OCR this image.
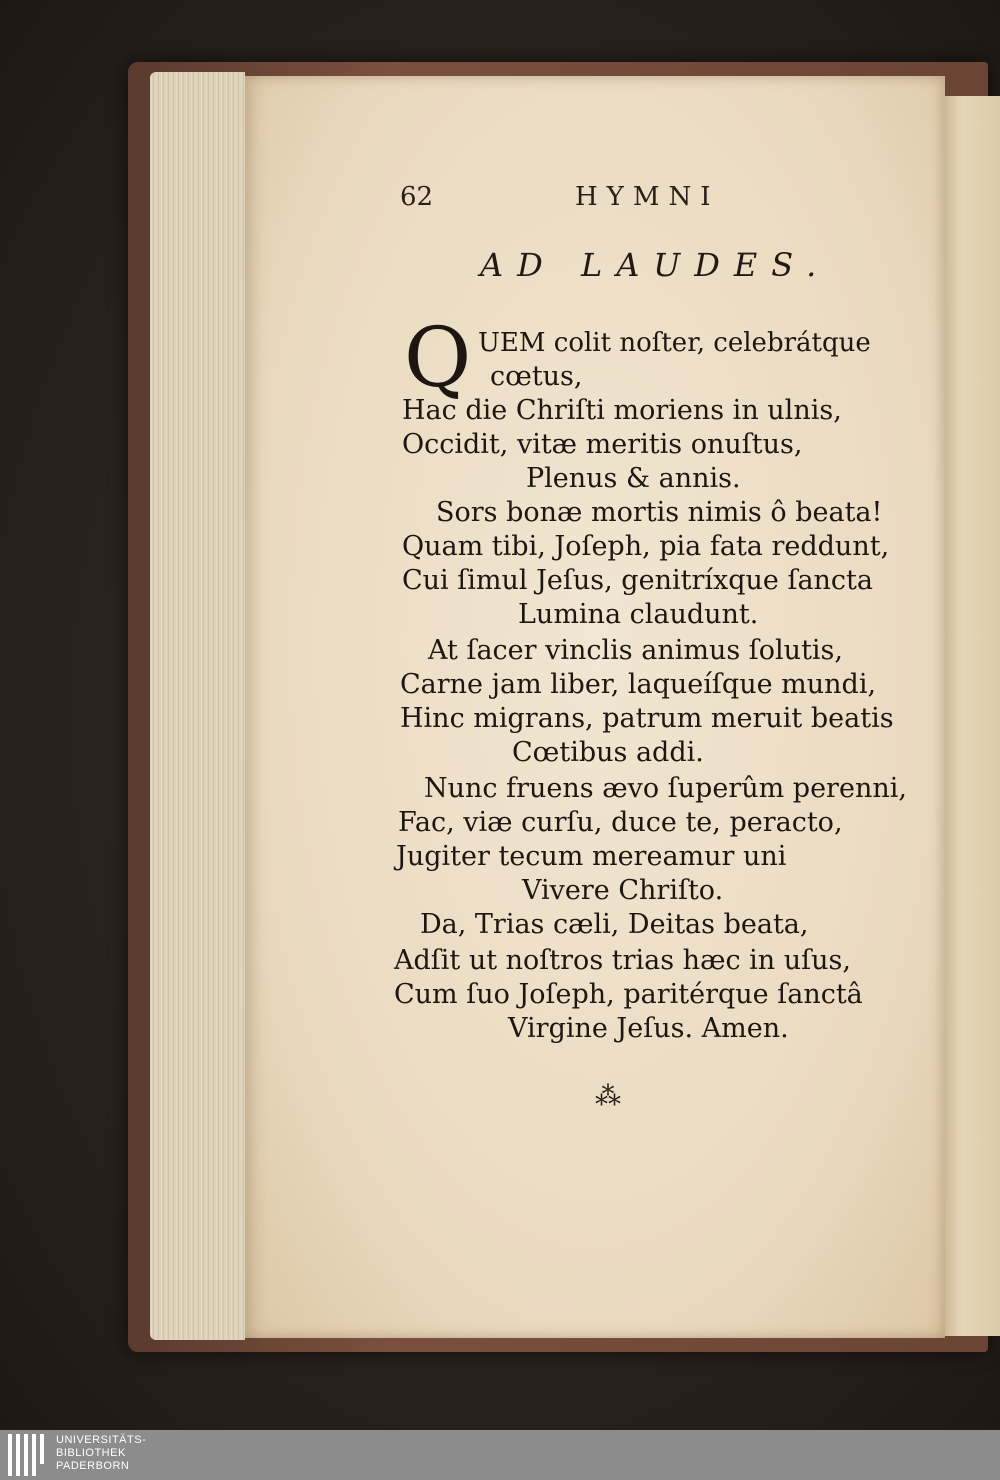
62	HYMNI
AD LAUDES.
Q UEM colit noſter, celebrátque
cœtus,
Hac die Chriſti moriens in ulnis,
Occidit, vitæ meritis onuſtus,
Plenus & annis.
Sors bonæ mortis nimis ô beata!
Quam tibi, Joſeph, pia fata reddunt,
Cui ſimul Jeſus, genitríxque ſancta
Lumina claudunt.
At ſacer vinclis animus ſolutis,
Carne jam liber, laqueíſque mundi,
Hinc migrans, patrum meruit beatis
Cœtibus addi.
Nunc fruens ævo ſuperûm perenni,
Fac, viæ curſu, duce te, peracto,
Jugiter tecum mereamur uni
Vivere Chriſto.
Da, Trias cæli, Deitas beata,
Adſit ut noſtros trias hæc in uſus,
Cum ſuo Joſeph, paritérque ſanctâ
Virgine Jeſus. Amen.
⁂
UNIVERSITÄTS-
BIBLIOTHEK
PADERBORN
